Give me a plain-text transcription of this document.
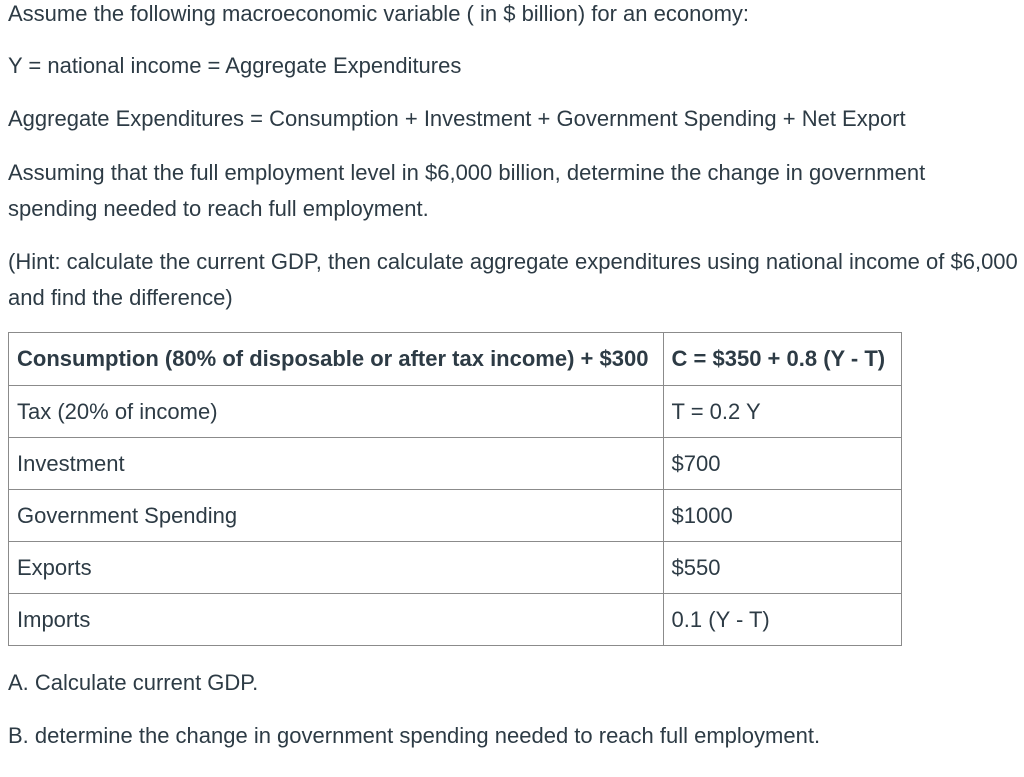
Assume the following macroeconomic variable ( in $ billion) for an economy:

Y = national income = Aggregate Expenditures

Aggregate Expenditures = Consumption + Investment + Government Spending + Net Export

Assuming that the full employment level in $6,000 billion, determine the change in government spending needed to reach full employment.

(Hint: calculate the current GDP, then calculate aggregate expenditures using national income of $6,000 and find the difference)

Consumption (80% of disposable or after tax income) + $300	C = $350 + 0.8 (Y - T)
Tax (20% of income)	T = 0.2 Y
Investment	$700
Government Spending	$1000
Exports	$550
Imports	0.1 (Y - T)

A. Calculate current GDP.

B. determine the change in government spending needed to reach full employment.
